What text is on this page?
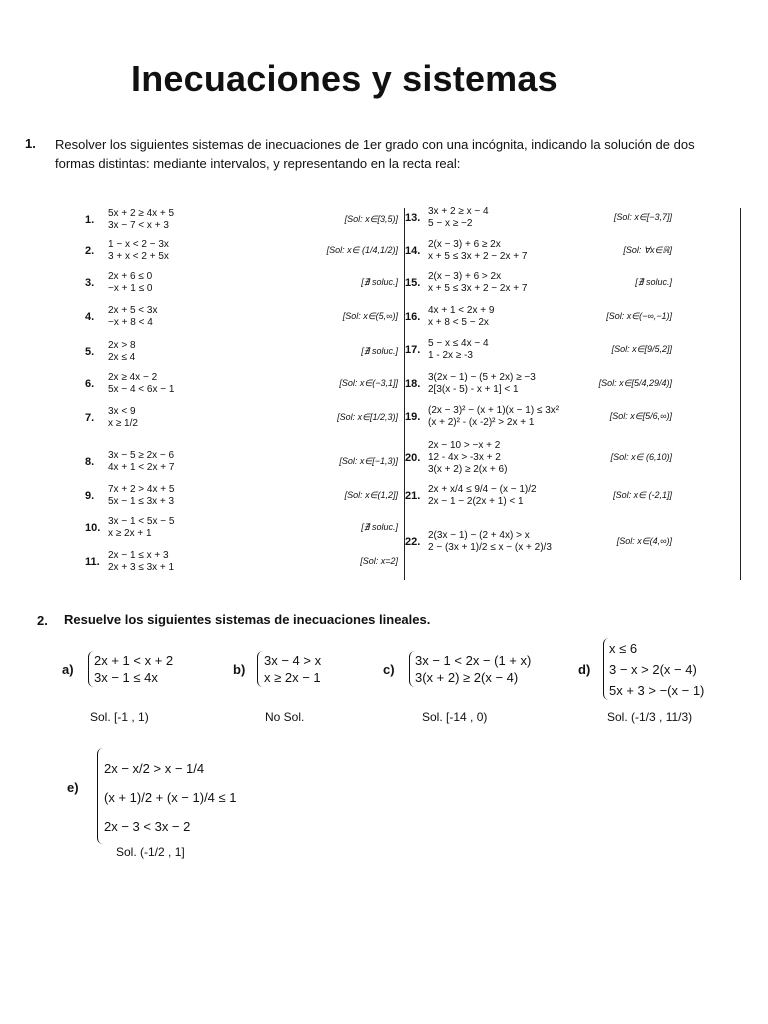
Inecuaciones y sistemas
1. Resolver los siguientes sistemas de inecuaciones de 1er grado con una incógnita, indicando la solución de dos
formas distintas: mediante intervalos, y representando en la recta real:
1.
5x + 2 ≥ 4x + 5
3x − 7 < x + 3
[Sol: x∈[3,5)]
2.
1 − x < 2 − 3x
3 + x < 2 + 5x
[Sol: x∈ (1/4,1/2)]
3.
2x + 6 ≤ 0
−x + 1 ≤ 0
[∄ soluc.]
4.
2x + 5 < 3x
−x + 8 < 4
[Sol: x∈(5,∞)]
5.
2x > 8
2x ≤ 4
[∄ soluc.]
6.
2x ≥ 4x − 2
5x − 4 < 6x − 1
[Sol: x∈(−3,1]]
7.
3x < 9
x ≥ 1/2
[Sol: x∈[1/2,3)]
8.
3x − 5 ≥ 2x − 6
4x + 1 < 2x + 7
[Sol: x∈[−1,3)]
9.
7x + 2 > 4x + 5
5x − 1 ≤ 3x + 3
[Sol: x∈(1,2]]
10.
3x − 1 < 5x − 5
x ≥ 2x + 1
[∄ soluc.]
11.
2x − 1 ≤ x + 3
2x + 3 ≤ 3x + 1
[Sol: x=2]
13.
3x + 2 ≥ x − 4
5 − x ≥ −2
[Sol: x∈[−3,7]]
14.
2(x − 3) + 6 ≥ 2x
x + 5 ≤ 3x + 2 − 2x + 7
[Sol: ∀x∈ℝ]
15.
2(x − 3) + 6 > 2x
x + 5 ≤ 3x + 2 − 2x + 7
[∄ soluc.]
16.
4x + 1 < 2x + 9
x + 8 < 5 − 2x
[Sol: x∈(−∞,−1)]
17.
5 − x ≤ 4x − 4
1 - 2x ≥ -3
[Sol: x∈[9/5,2]]
18.
3(2x − 1) − (5 + 2x) ≥ −3
2[3(x - 5) - x + 1] < 1
[Sol: x∈[5/4,29/4)]
19.
(2x − 3)² − (x + 1)(x − 1) ≤ 3x²
(x + 2)² - (x -2)² > 2x + 1
[Sol: x∈[5/6,∞)]
20.
2x − 10 > −x + 2
12 - 4x > -3x + 2
3(x + 2) ≥ 2(x + 6)
[Sol: x∈ (6,10)]
21.
2x + x/4 ≤ 9/4 − (x − 1)/2
2x − 1 − 2(2x + 1) < 1
[Sol: x∈ (-2,1]]
22.
2(3x − 1) − (2 + 4x) > x
2 − (3x + 1)/2 ≤ x − (x + 2)/3
[Sol: x∈(4,∞)]
2. Resuelve los siguientes sistemas de inecuaciones lineales.
a)
2x + 1 < x + 2
3x − 1 ≤ 4x
Sol. [-1 , 1)
b)
3x − 4 > x
x ≥ 2x − 1
No Sol.
c)
3x − 1 < 2x − (1 + x)
3(x + 2) ≥ 2(x − 4)
Sol. [-14 , 0)
d)
x ≤ 6
3 − x > 2(x − 4)
5x + 3 > −(x − 1)
Sol. (-1/3 , 11/3)
e)
2x − x/2 > x − 1/4
(x + 1)/2 + (x − 1)/4 ≤ 1
2x − 3 < 3x − 2
Sol. (-1/2 , 1]
